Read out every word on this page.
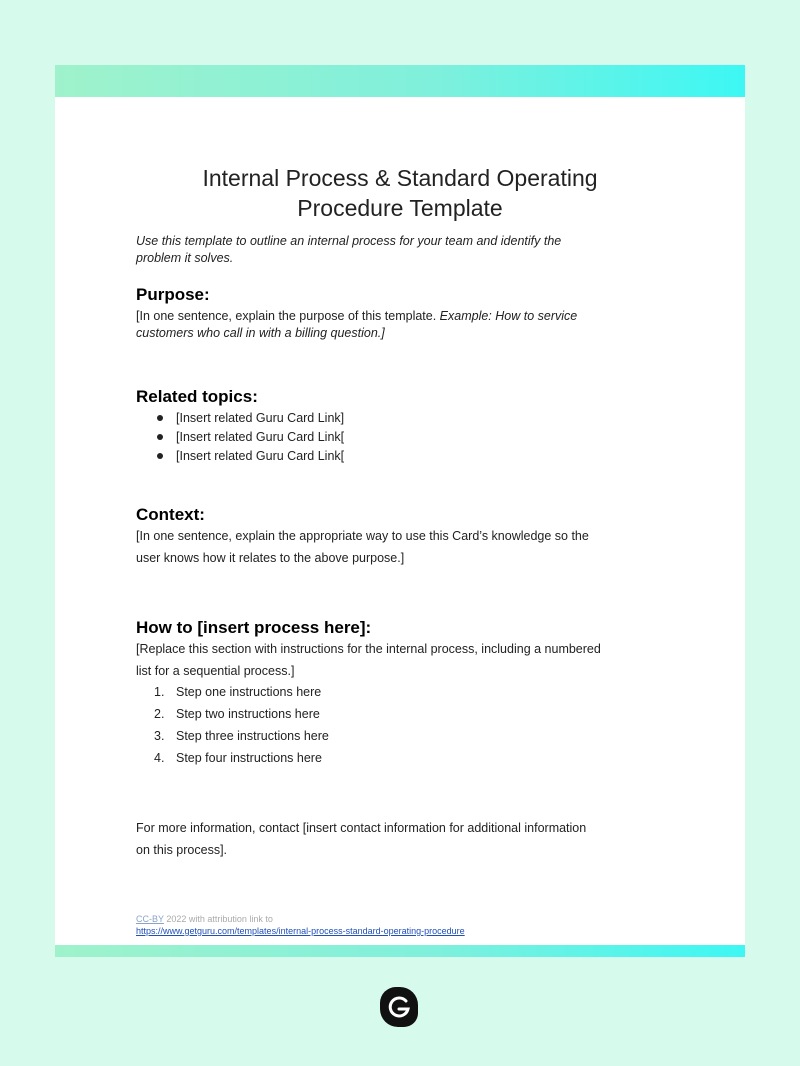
Internal Process & Standard Operating
Procedure Template
Use this template to outline an internal process for your team and identify the
problem it solves.
Purpose:
[In one sentence, explain the purpose of this template. Example: How to service
customers who call in with a billing question.]
Related topics:
[Insert related Guru Card Link]
[Insert related Guru Card Link[
[Insert related Guru Card Link[
Context:
[In one sentence, explain the appropriate way to use this Card’s knowledge so the
user knows how it relates to the above purpose.]
How to [insert process here]:
[Replace this section with instructions for the internal process, including a numbered
list for a sequential process.]
1. Step one instructions here
2. Step two instructions here
3. Step three instructions here
4. Step four instructions here
For more information, contact [insert contact information for additional information
on this process].
CC-BY 2022 with attribution link to
https://www.getguru.com/templates/internal-process-standard-operating-procedure
